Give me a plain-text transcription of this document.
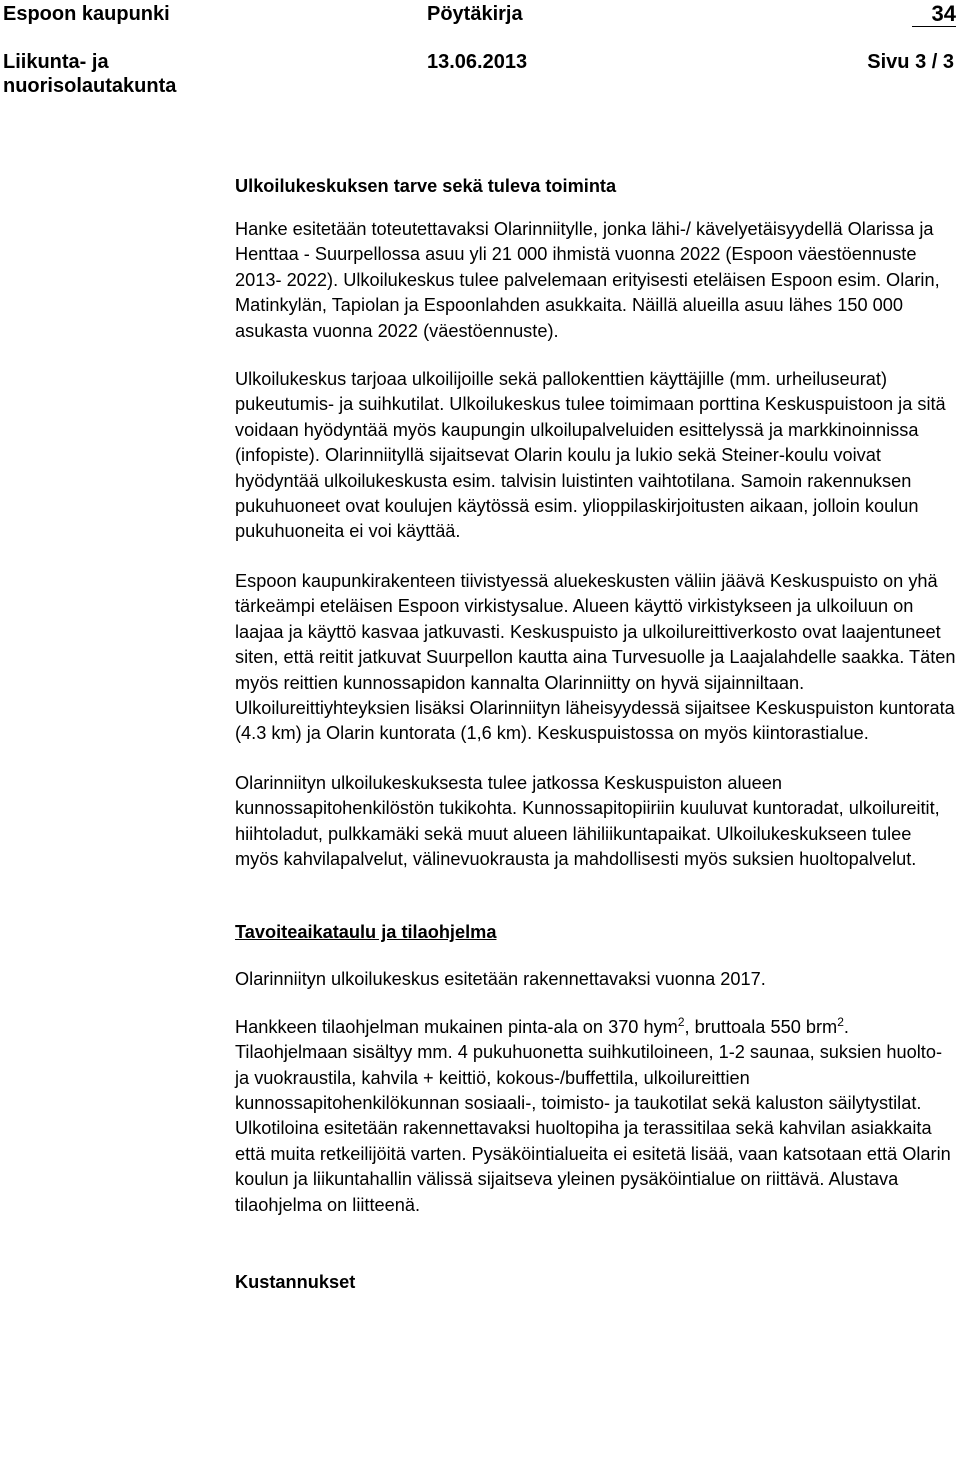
Espoon kaupunki	Pöytäkirja	34
Liikunta- ja nuorisolautakunta
13.06.2013	Sivu 3 / 3
Ulkoilukeskuksen tarve sekä tuleva toiminta

Hanke esitetään toteutettavaksi Olarinniitylle, jonka lähi-/ kävelyetäisyydellä Olarissa ja Henttaa - Suurpellossa asuu yli 21 000 ihmistä vuonna 2022 (Espoon väestöennuste 2013- 2022). Ulkoilukeskus tulee palvelemaan erityisesti eteläisen Espoon esim. Olarin, Matinkylän, Tapiolan ja Espoonlahden asukkaita. Näillä alueilla asuu lähes 150 000 asukasta vuonna 2022 (väestöennuste).

Ulkoilukeskus tarjoaa ulkoilijoille sekä pallokenttien käyttäjille (mm. urheiluseurat) pukeutumis- ja suihkutilat. Ulkoilukeskus tulee toimimaan porttina Keskuspuistoon ja sitä voidaan hyödyntää myös kaupungin ulkoilupalveluiden esittelyssä ja markkinoinnissa (infopiste). Olarinniityllä sijaitsevat Olarin koulu ja lukio sekä Steiner-koulu voivat hyödyntää ulkoilukeskusta esim. talvisin luistinten vaihtotilana. Samoin rakennuksen pukuhuoneet ovat koulujen käytössä esim. ylioppilaskirjoitusten aikaan, jolloin koulun pukuhuoneita ei voi käyttää.

Espoon kaupunkirakenteen tiivistyessä aluekeskusten väliin jäävä Keskuspuisto on yhä tärkeämpi eteläisen Espoon virkistysalue. Alueen käyttö virkistykseen ja ulkoiluun on laajaa ja käyttö kasvaa jatkuvasti. Keskuspuisto ja ulkoilureittiverkosto ovat laajentuneet siten, että reitit jatkuvat Suurpellon kautta aina Turvesuolle ja Laajalahdelle saakka. Täten myös reittien kunnossapidon kannalta Olarinniitty on hyvä sijainniltaan. Ulkoilureittiyhteyksien lisäksi Olarinniityn läheisyydessä sijaitsee Keskuspuiston kuntorata (4.3 km) ja Olarin kuntorata (1,6 km). Keskuspuistossa on myös kiintorastialue.

Olarinniityn ulkoilukeskuksesta tulee jatkossa Keskuspuiston alueen kunnossapitohenkilöstön tukikohta. Kunnossapitopiiriin kuuluvat kuntoradat, ulkoilureitit, hiihtoladut, pulkkamäki sekä muut alueen lähiliikuntapaikat. Ulkoilukeskukseen tulee myös kahvilapalvelut, välinevuokrausta ja mahdollisesti myös suksien huoltopalvelut.

Tavoiteaikataulu ja tilaohjelma

Olarinniityn ulkoilukeskus esitetään rakennettavaksi vuonna 2017.

Hankkeen tilaohjelman mukainen pinta-ala on 370 hym$^2$, bruttoala 550 brm$^2$. Tilaohjelmaan sisältyy mm. 4 pukuhuonetta suihkutiloineen, 1-2 saunaa, suksien huolto- ja vuokraustila, kahvila + keittiö, kokous-/buffettila, ulkoilureittien kunnossapitohenkilökunnan sosiaali-, toimisto- ja taukotilat sekä kaluston säilytystilat. Ulkotiloina esitetään rakennettavaksi huoltopiha ja terassitilaa sekä kahvilan asiakkaita että muita retkeilijöitä varten. Pysäköintialueita ei esitetä lisää, vaan katsotaan että Olarin koulun ja liikuntahallin välissä sijaitseva yleinen pysäköintialue on riittävä. Alustava tilaohjelma on liitteenä.

Kustannukset
